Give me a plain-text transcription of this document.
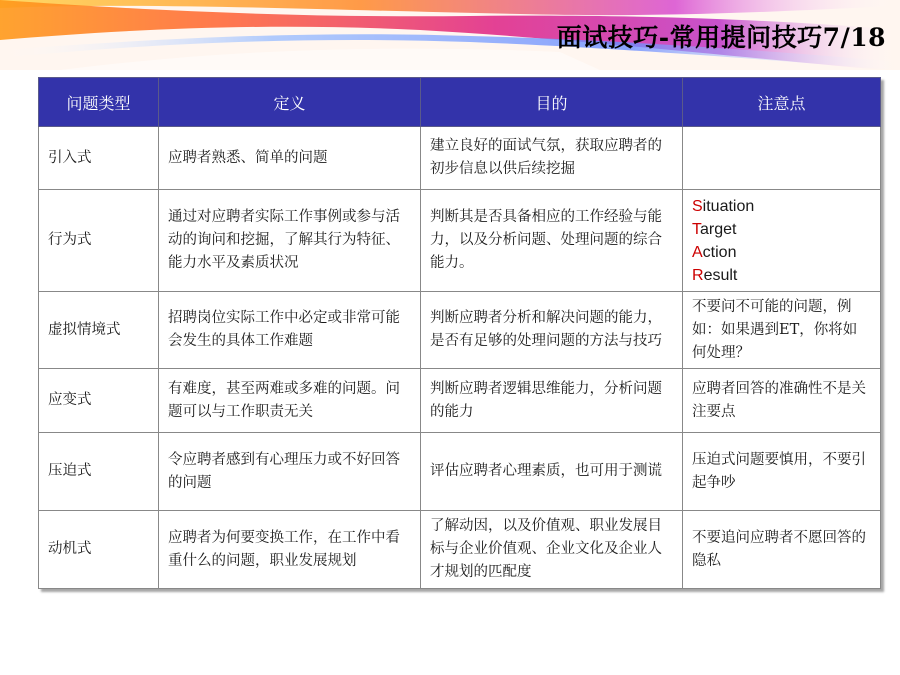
面试技巧-常用提问技巧7/18
问题类型	定义	目的	注意点
引入式	应聘者熟悉、简单的问题	建立良好的面试气氛，获取应聘者的初步信息以供后续挖掘	
行为式	通过对应聘者实际工作事例或参与活动的询问和挖掘，了解其行为特征、能力水平及素质状况	判断其是否具备相应的工作经验与能力，以及分析问题、处理问题的综合能力。	Situation
Target
Action
Result

虚拟情境式	招聘岗位实际工作中必定或非常可能会发生的具体工作难题	判断应聘者分析和解决问题的能力，是否有足够的处理问题的方法与技巧	不要问不可能的问题，例如：如果遇到ET，你将如何处理？
应变式	有难度，甚至两难或多难的问题。问题可以与工作职责无关	判断应聘者逻辑思维能力，分析问题的能力	应聘者回答的准确性不是关注要点
压迫式	令应聘者感到有心理压力或不好回答的问题	评估应聘者心理素质，也可用于测谎	压迫式问题要慎用，不要引起争吵
动机式	应聘者为何要变换工作，在工作中看重什么的问题，职业发展规划	了解动因，以及价值观、职业发展目标与企业价值观、企业文化及企业人才规划的匹配度	不要追问应聘者不愿回答的隐私
